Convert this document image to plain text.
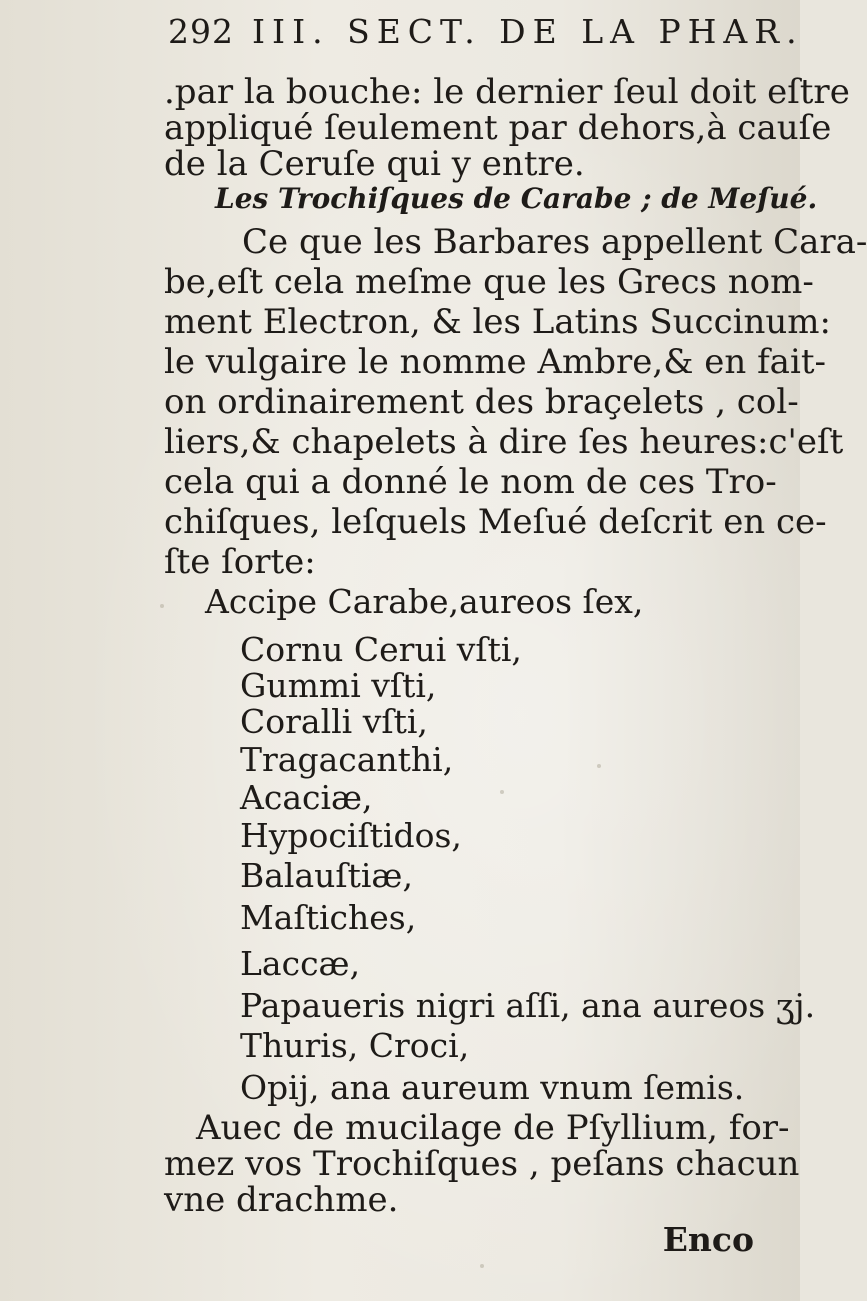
292 III. SECT. DE LA PHAR.
.par la bouche: le dernier ſeul doit eſtre
appliqué ſeulement par dehors,à cauſe
de la Ceruſe qui y entre.
Les Trochiſques de Carabe ; de Meſué.
Ce que les Barbares appellent Cara-
be,eſt cela meſme que les Grecs nom-
ment Electron, & les Latins Succinum:
le vulgaire le nomme Ambre,& en fait-
on ordinairement des braçelets , col-
liers,& chapelets à dire ſes heures:c'eſt
cela qui a donné le nom de ces Tro-
chiſques, leſquels Meſué deſcrit en ce-
ſte ſorte:
Accipe Carabe,aureos ſex,
Cornu Cerui vſti,
Gummi vſti,
Coralli vſti,
Tragacanthi,
Acaciæ,
Hypociſtidos,
Balauſtiæ,
Maſtiches,
Laccæ,
Papaueris nigri aſſi, ana aureos ʒj.
Thuris, Croci,
Opij, ana aureum vnum ſemis.
Auec de mucilage de Pſyllium, for-
mez vos Trochiſques , peſans chacun
vne drachme.
Enco
